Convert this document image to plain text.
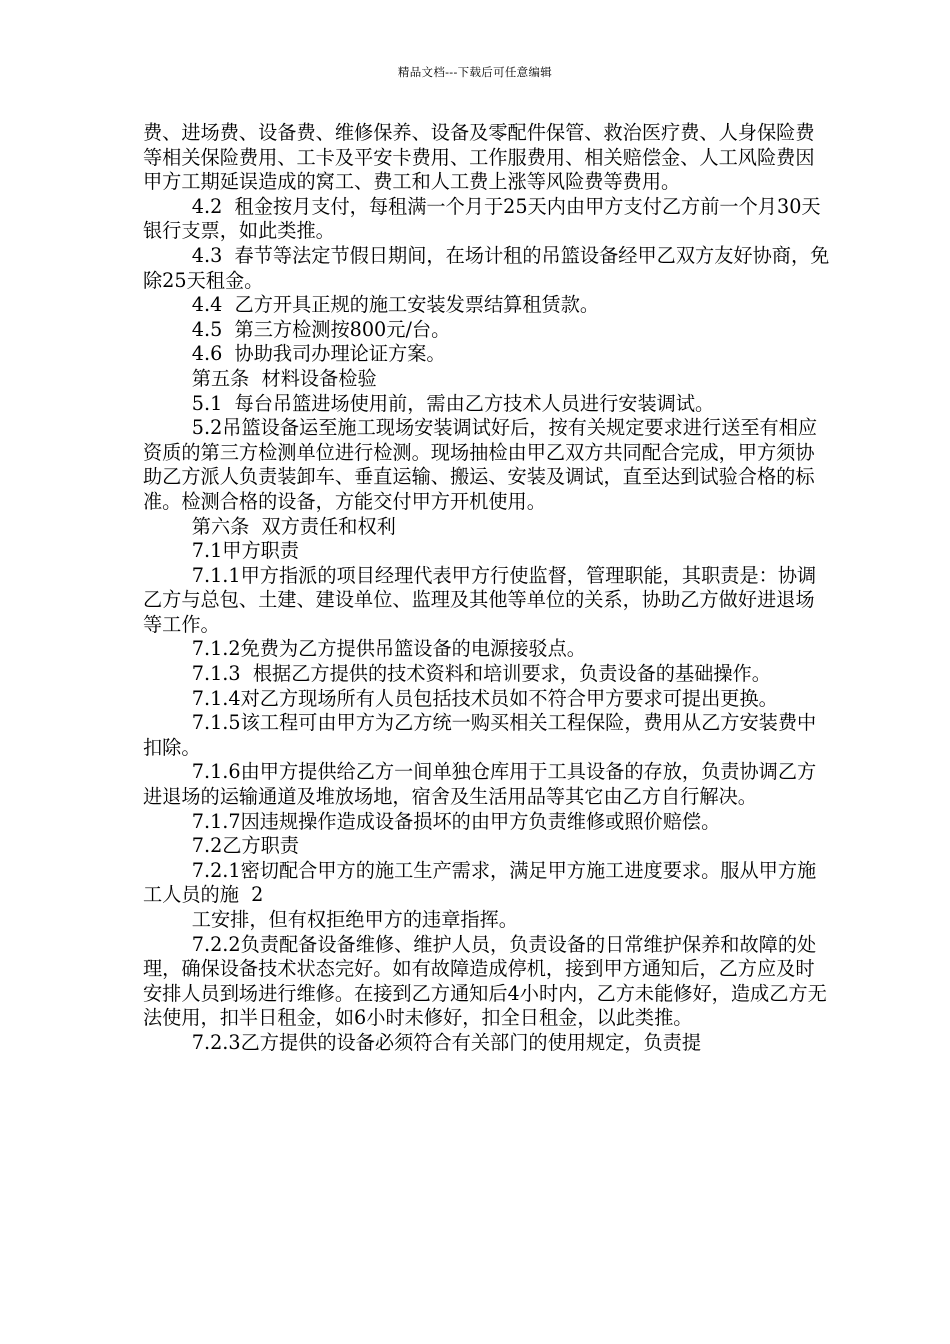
精品文档---下载后可任意编辑

费、进场费、设备费、维修保养、设备及零配件保管、救治医疗费、人身保险费等相关保险费用、工卡及平安卡费用、工作服费用、相关赔偿金、人工风险费因甲方工期延误造成的窝工、费工和人工费上涨等风险费等费用。

4.2  租金按月支付，每租满一个月于25天内由甲方支付乙方前一个月30天银行支票，如此类推。

4.3  春节等法定节假日期间，在场计租的吊篮设备经甲乙双方友好协商，免除25天租金。

4.4  乙方开具正规的施工安装发票结算租赁款。

4.5  第三方检测按800元/台。

4.6  协助我司办理论证方案。

第五条  材料设备检验

5.1  每台吊篮进场使用前，需由乙方技术人员进行安装调试。

5.2吊篮设备运至施工现场安装调试好后，按有关规定要求进行送至有相应资质的第三方检测单位进行检测。现场抽检由甲乙双方共同配合完成，甲方须协助乙方派人负责装卸车、垂直运输、搬运、安装及调试，直至达到试验合格的标准。检测合格的设备，方能交付甲方开机使用。

第六条  双方责任和权利

7.1甲方职责

7.1.1甲方指派的项目经理代表甲方行使监督，管理职能，其职责是：协调乙方与总包、土建、建设单位、监理及其他等单位的关系，协助乙方做好进退场等工作。

7.1.2免费为乙方提供吊篮设备的电源接驳点。

7.1.3  根据乙方提供的技术资料和培训要求，负责设备的基础操作。

7.1.4对乙方现场所有人员包括技术员如不符合甲方要求可提出更换。

7.1.5该工程可由甲方为乙方统一购买相关工程保险，费用从乙方安装费中扣除。

7.1.6由甲方提供给乙方一间单独仓库用于工具设备的存放，负责协调乙方进退场的运输通道及堆放场地，宿舍及生活用品等其它由乙方自行解决。

7.1.7因违规操作造成设备损坏的由甲方负责维修或照价赔偿。

7.2乙方职责

7.2.1密切配合甲方的施工生产需求，满足甲方施工进度要求。服从甲方施工人员的施  2

工安排，但有权拒绝甲方的违章指挥。

7.2.2负责配备设备维修、维护人员，负责设备的日常维护保养和故障的处理，确保设备技术状态完好。如有故障造成停机，接到甲方通知后，乙方应及时安排人员到场进行维修。在接到乙方通知后4小时内，乙方未能修好，造成乙方无法使用，扣半日租金，如6小时未修好，扣全日租金，以此类推。

7.2.3乙方提供的设备必须符合有关部门的使用规定，负责提
